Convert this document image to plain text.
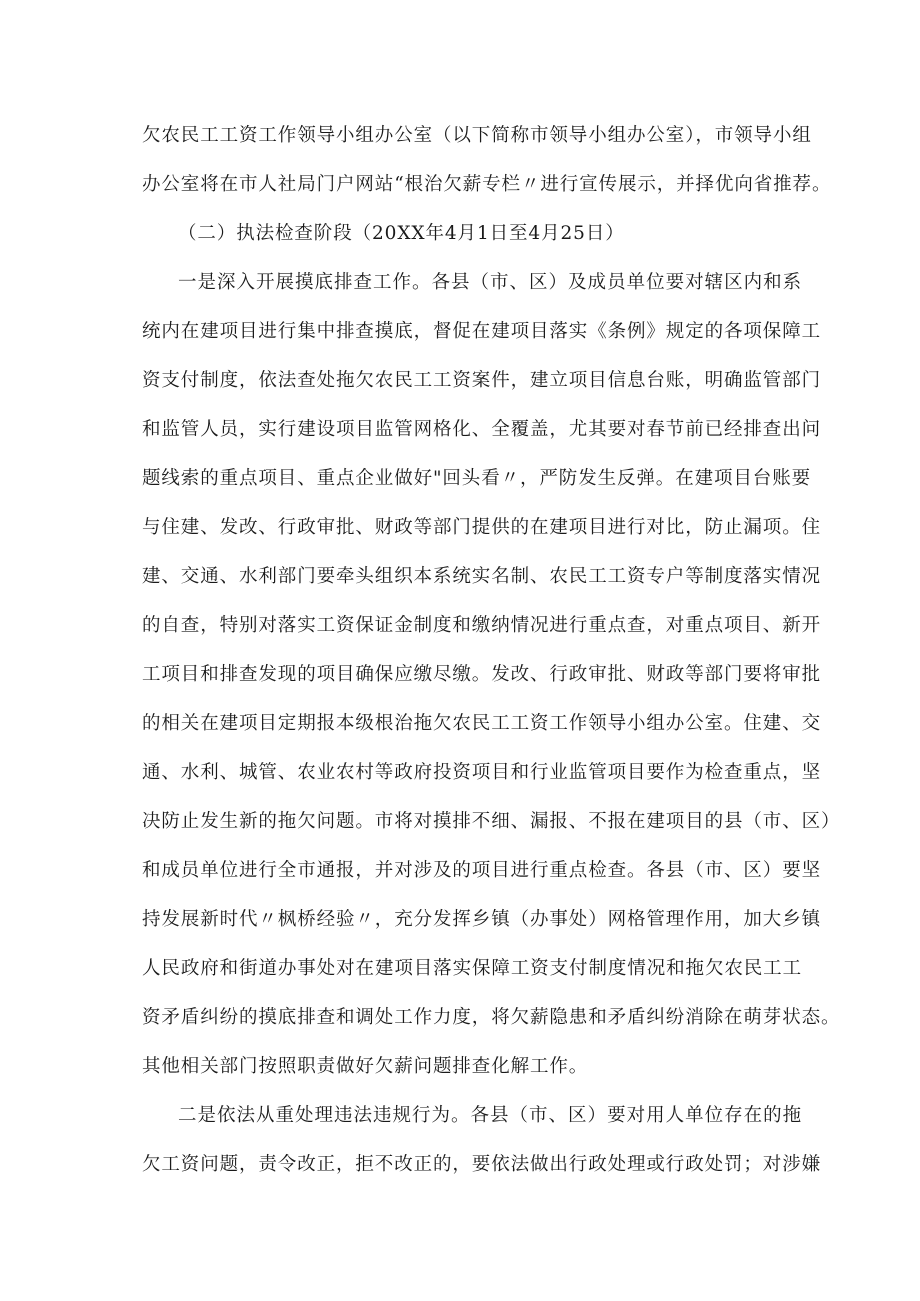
欠农民工工资工作领导小组办公室（以下简称市领导小组办公室），市领导小组
办公室将在市人社局门户网站“根治欠薪专栏〃进行宣传展示，并择优向省推荐。
（二）执法检查阶段（20XX年4月1日至4月25日）
一是深入开展摸底排查工作。各县（市、区）及成员单位要对辖区内和系
统内在建项目进行集中排查摸底，督促在建项目落实《条例》规定的各项保障工
资支付制度，依法查处拖欠农民工工资案件，建立项目信息台账，明确监管部门
和监管人员，实行建设项目监管网格化、全覆盖，尤其要对春节前已经排查出问
题线索的重点项目、重点企业做好"回头看〃，严防发生反弹。在建项目台账要
与住建、发改、行政审批、财政等部门提供的在建项目进行对比，防止漏项。住
建、交通、水利部门要牵头组织本系统实名制、农民工工资专户等制度落实情况
的自查，特别对落实工资保证金制度和缴纳情况进行重点查，对重点项目、新开
工项目和排查发现的项目确保应缴尽缴。发改、行政审批、财政等部门要将审批
的相关在建项目定期报本级根治拖欠农民工工资工作领导小组办公室。住建、交
通、水利、城管、农业农村等政府投资项目和行业监管项目要作为检查重点，坚
决防止发生新的拖欠问题。市将对摸排不细、漏报、不报在建项目的县（市、区）
和成员单位进行全市通报，并对涉及的项目进行重点检查。各县（市、区）要坚
持发展新时代〃枫桥经验〃，充分发挥乡镇（办事处）网格管理作用，加大乡镇
人民政府和街道办事处对在建项目落实保障工资支付制度情况和拖欠农民工工
资矛盾纠纷的摸底排查和调处工作力度，将欠薪隐患和矛盾纠纷消除在萌芽状态。
其他相关部门按照职责做好欠薪问题排查化解工作。
二是依法从重处理违法违规行为。各县（市、区）要对用人单位存在的拖
欠工资问题，责令改正，拒不改正的，要依法做出行政处理或行政处罚；对涉嫌
